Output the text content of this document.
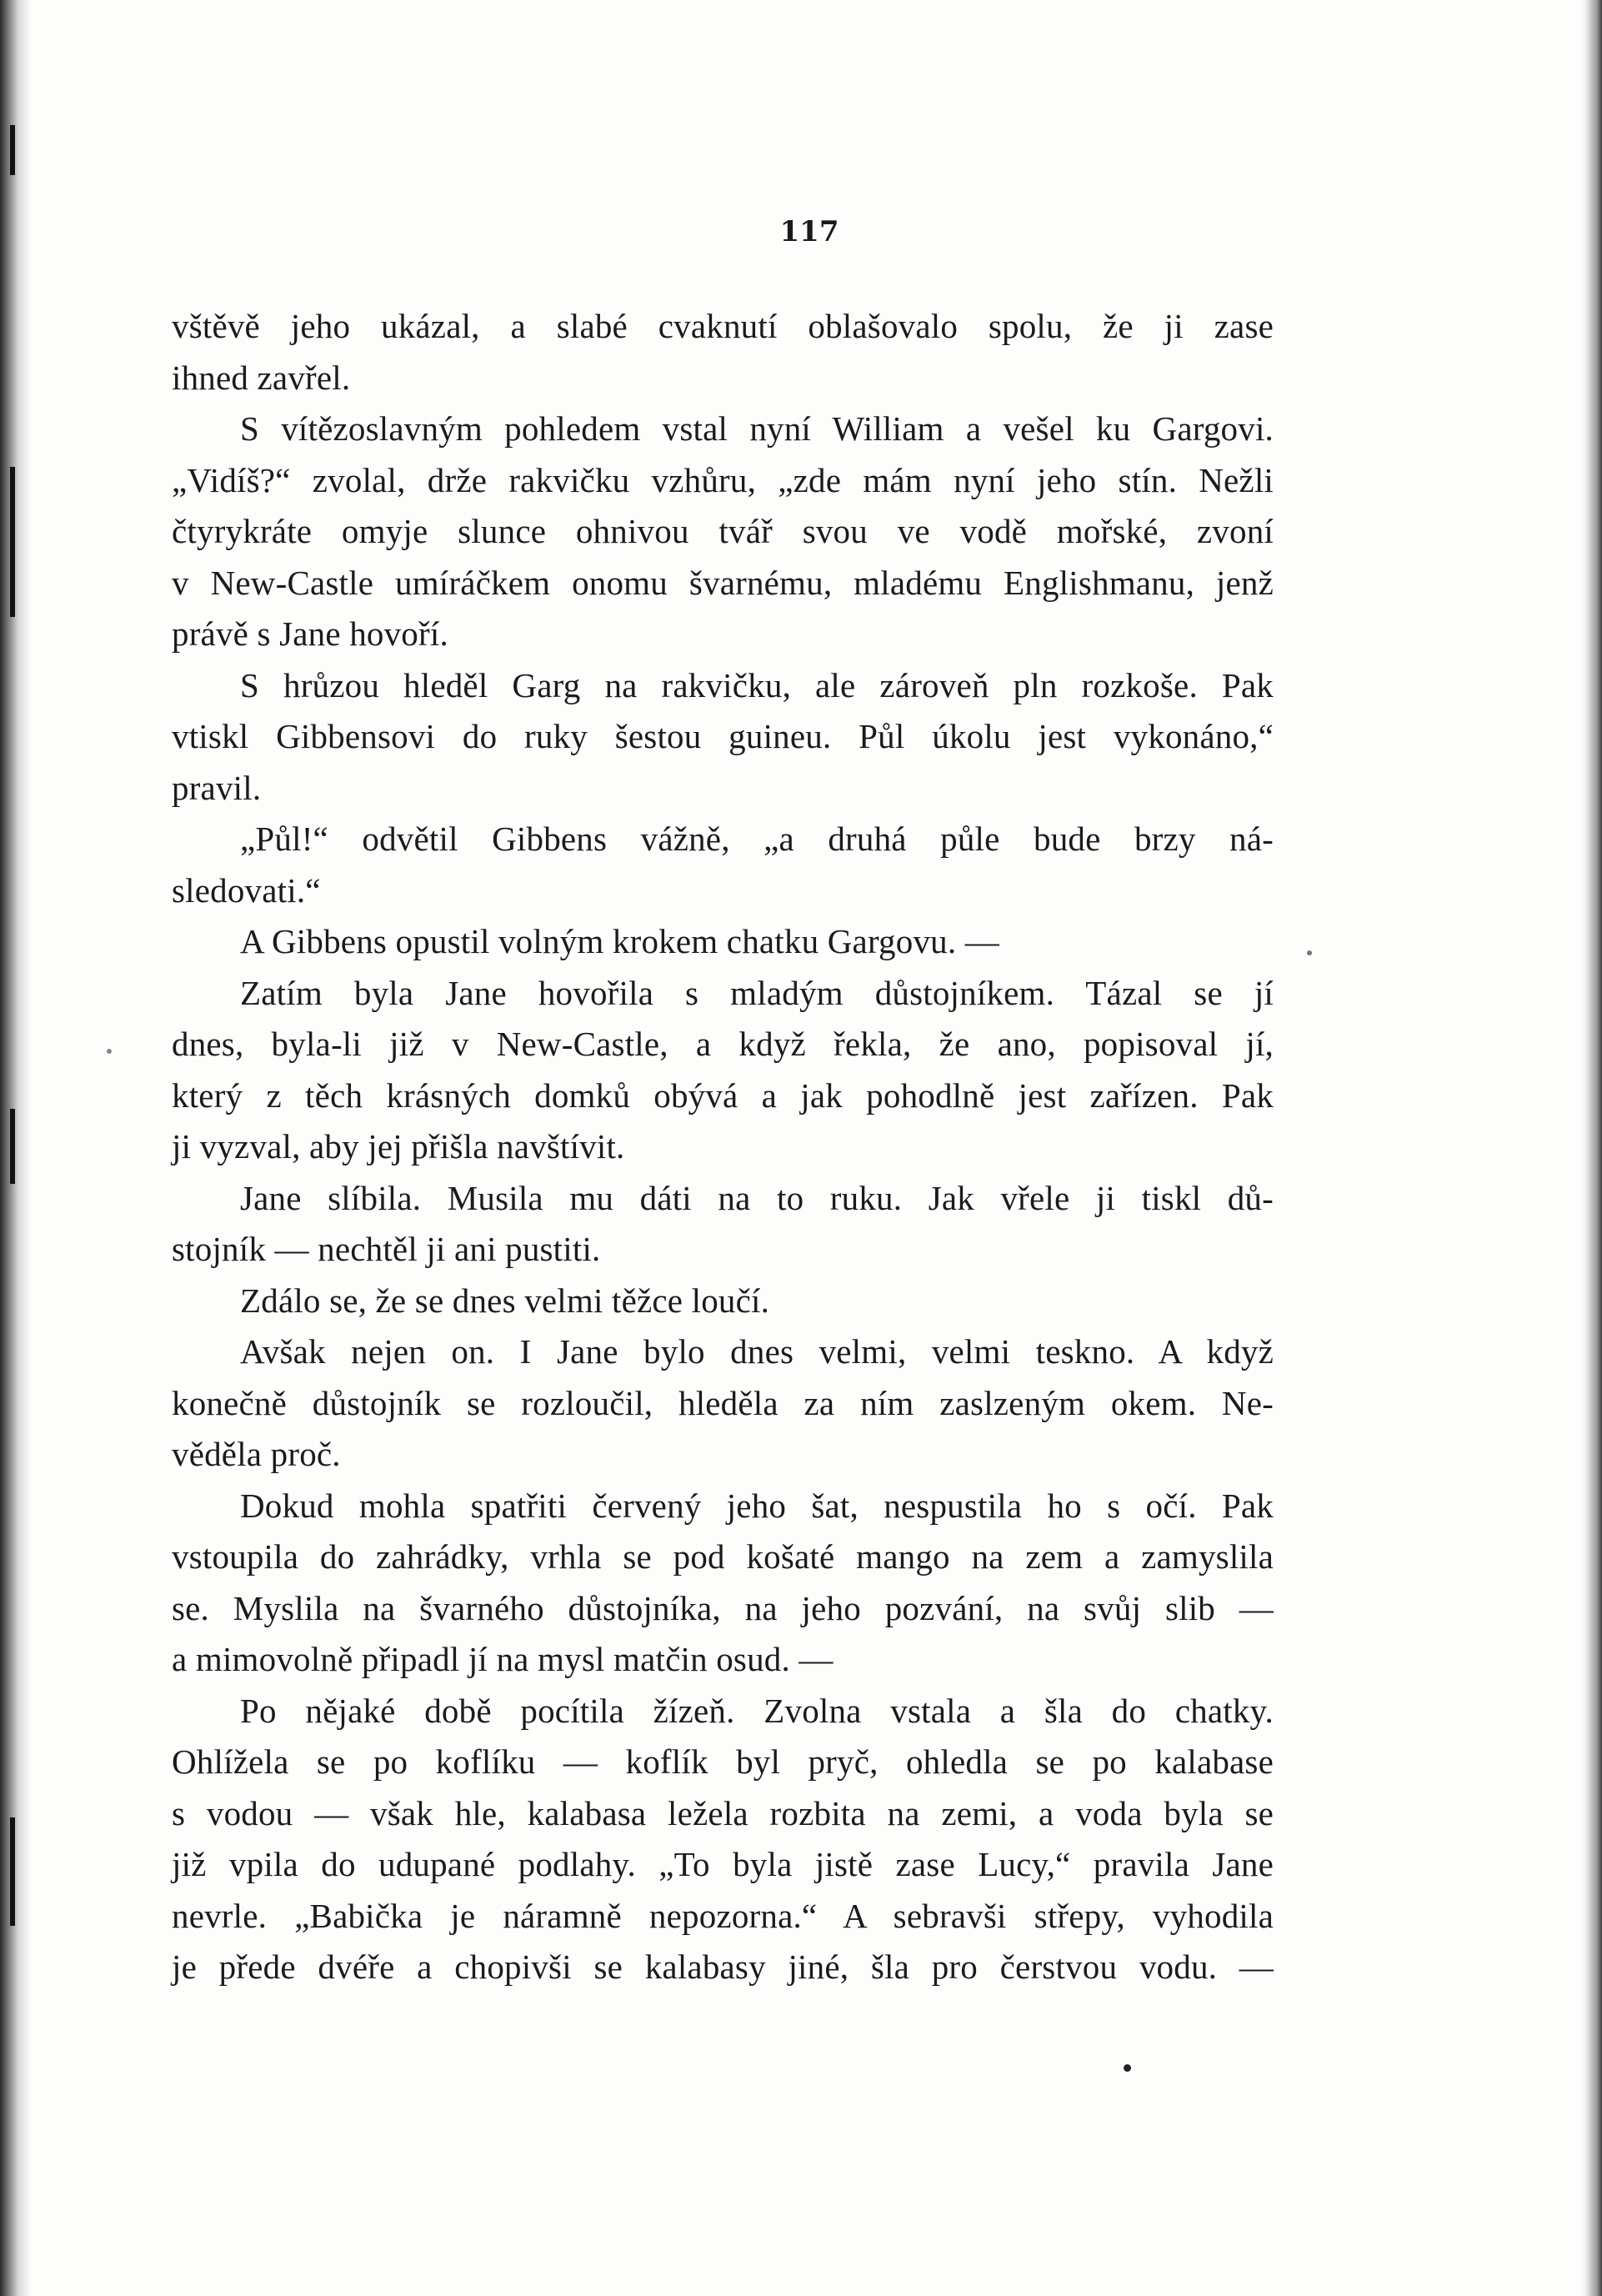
117
vštěvě jeho ukázal, a slabé cvaknutí oblašovalo spolu, že ji zase
ihned zavřel.
S vítězoslavným pohledem vstal nyní William a vešel ku Gargovi.
„Vidíš?“ zvolal, drže rakvičku vzhůru, „zde mám nyní jeho stín. Nežli
čtyrykráte omyje slunce ohnivou tvář svou ve vodě mořské, zvoní
v New-Castle umíráčkem onomu švarnému, mladému Englishmanu, jenž
právě s Jane hovoří.
S hrůzou hleděl Garg na rakvičku, ale zároveň pln rozkoše. Pak
vtiskl Gibbensovi do ruky šestou guineu. Půl úkolu jest vykonáno,“
pravil.
„Půl!“ odvětil Gibbens vážně, „a druhá půle bude brzy ná-
sledovati.“
A Gibbens opustil volným krokem chatku Gargovu. —
Zatím byla Jane hovořila s mladým důstojníkem. Tázal se jí
dnes, byla-li již v New-Castle, a když řekla, že ano, popisoval jí,
který z těch krásných domků obývá a jak pohodlně jest zařízen. Pak
ji vyzval, aby jej přišla navštívit.
Jane slíbila. Musila mu dáti na to ruku. Jak vřele ji tiskl dů-
stojník — nechtěl ji ani pustiti.
Zdálo se, že se dnes velmi těžce loučí.
Avšak nejen on. I Jane bylo dnes velmi, velmi teskno. A když
konečně důstojník se rozloučil, hleděla za ním zaslzeným okem. Ne-
věděla proč.
Dokud mohla spatřiti červený jeho šat, nespustila ho s očí. Pak
vstoupila do zahrádky, vrhla se pod košaté mango na zem a zamyslila
se. Myslila na švarného důstojníka, na jeho pozvání, na svůj slib —
a mimovolně připadl jí na mysl matčin osud. —
Po nějaké době pocítila žízeň. Zvolna vstala a šla do chatky.
Ohlížela se po koflíku — koflík byl pryč, ohledla se po kalabase
s vodou — však hle, kalabasa ležela rozbita na zemi, a voda byla se
již vpila do udupané podlahy. „To byla jistě zase Lucy,“ pravila Jane
nevrle. „Babička je náramně nepozorna.“ A sebravši střepy, vyhodila
je přede dvéře a chopivši se kalabasy jiné, šla pro čerstvou vodu. —
